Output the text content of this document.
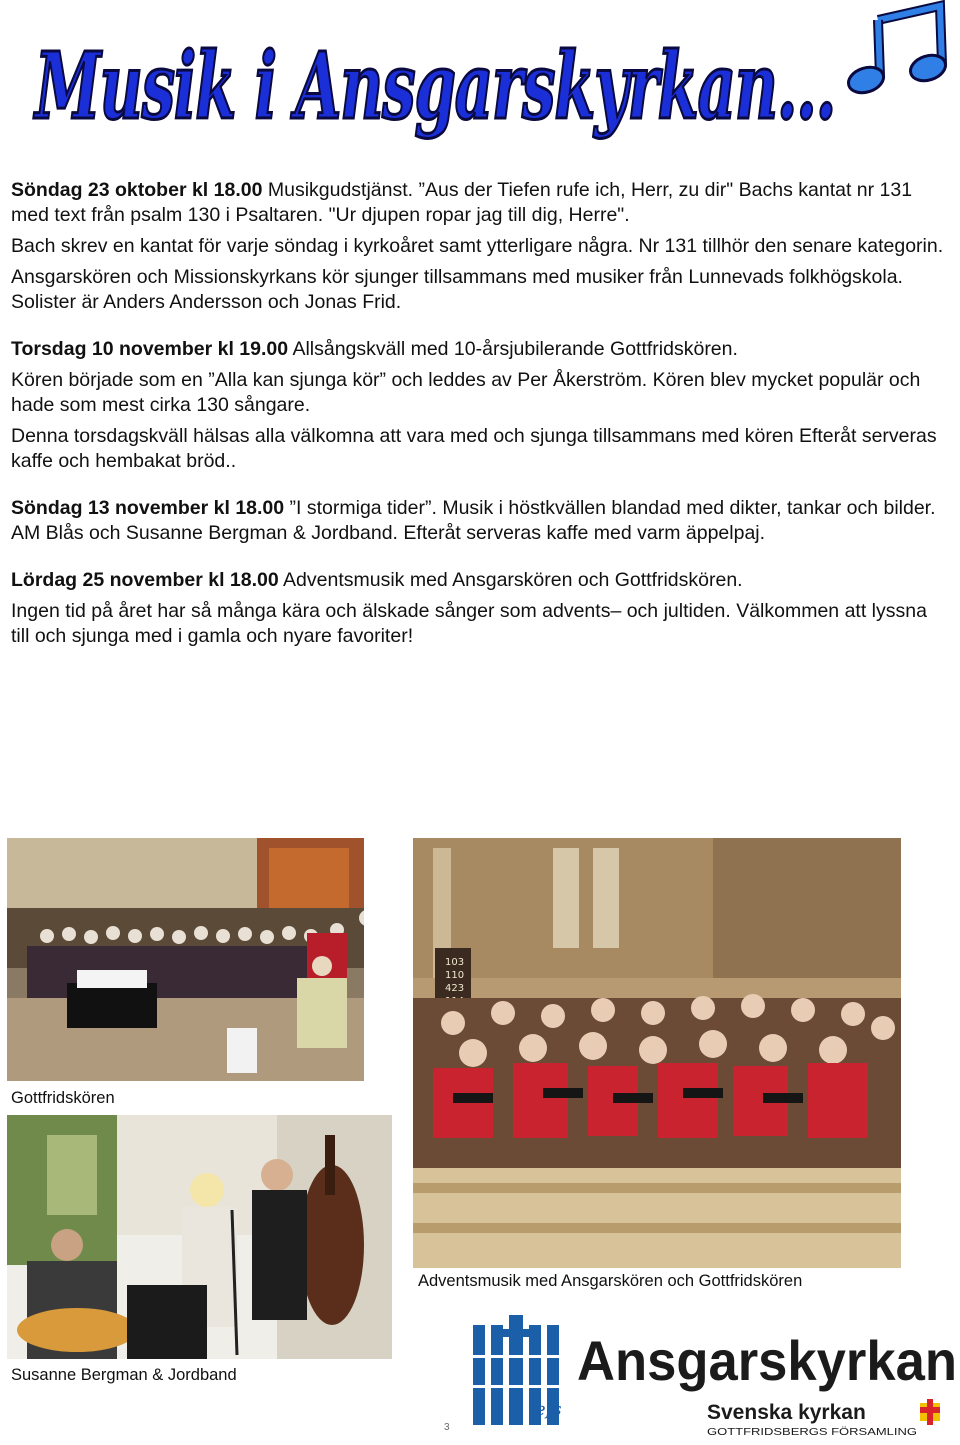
Musik i Ansgarskyrkan...

Söndag 23 oktober kl 18.00 Musikgudstjänst. ”Aus der Tiefen rufe ich, Herr, zu dir" Bachs kantat nr 131 med text från psalm 130 i Psaltaren. "Ur djupen ropar jag till dig, Herre".

Bach skrev en kantat för varje söndag i kyrkoåret samt ytterligare några. Nr 131 tillhör den senare kategorin.

Ansgarskören och Missionskyrkans kör sjunger tillsammans med musiker från Lunnevads folkhögskola. Solister är Anders Andersson och Jonas Frid.

Torsdag 10 november kl 19.00 Allsångskväll med 10-årsjubilerande Gottfridskören.

Kören började som en ”Alla kan sjunga kör” och leddes av Per Åkerström. Kören blev mycket populär och hade som mest cirka 130 sångare.

Denna torsdagskväll hälsas alla välkomna att vara med och sjunga tillsammans med kören Efteråt serveras kaffe och hembakat bröd..

Söndag 13 november kl 18.00 ”I stormiga tider”. Musik i höstkvällen blandad med dikter, tankar och bilder. AM Blås och Susanne Bergman & Jordband. Efteråt serveras kaffe med varm äppelpaj.

Lördag 25 november kl 18.00 Adventsmusik med Ansgarskören och Gottfridskören.

Ingen tid på året har så många kära och älskade sånger som advents– och jultiden. Välkommen att lyssna till och sjunga med i gamla och nyare favoriter!

Gottfridskören
103
110
423
Adventsmusik med Ansgarskören och Gottfridskören
Susanne Bergman & Jordband	Ansgarskyrkan
Svenska kyrkan
GOTTFRIDSBERGS FÖRSAMLING
efs
3
